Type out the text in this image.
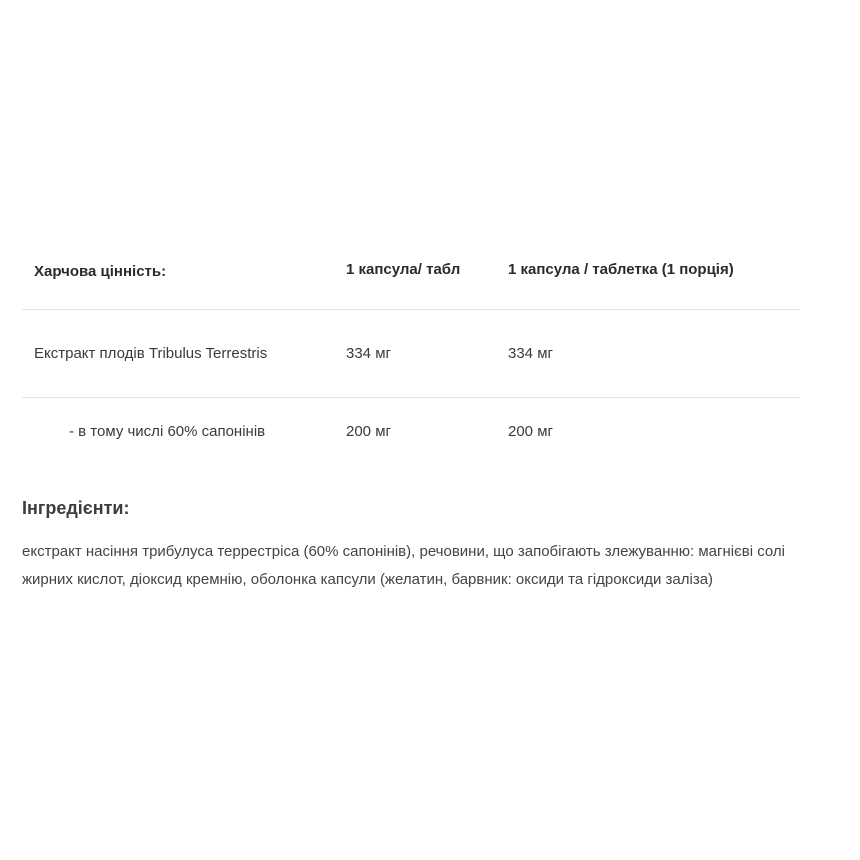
Харчова цінність:	1 капсула/ табл	1 капсула / таблетка (1 порція)
Екстракт плодів Tribulus Terrestris	334 мг	334 мг
- в тому числі 60% сапонінів	200 мг	200 мг
Інгредієнти:

екстракт насіння трибулуса террестріса (60% сапонінів), речовини, що запобігають злежуванню: магнієві солі жирних кислот, діоксид кремнію, оболонка капсули (желатин, барвник: оксиди та гідроксиди заліза)
